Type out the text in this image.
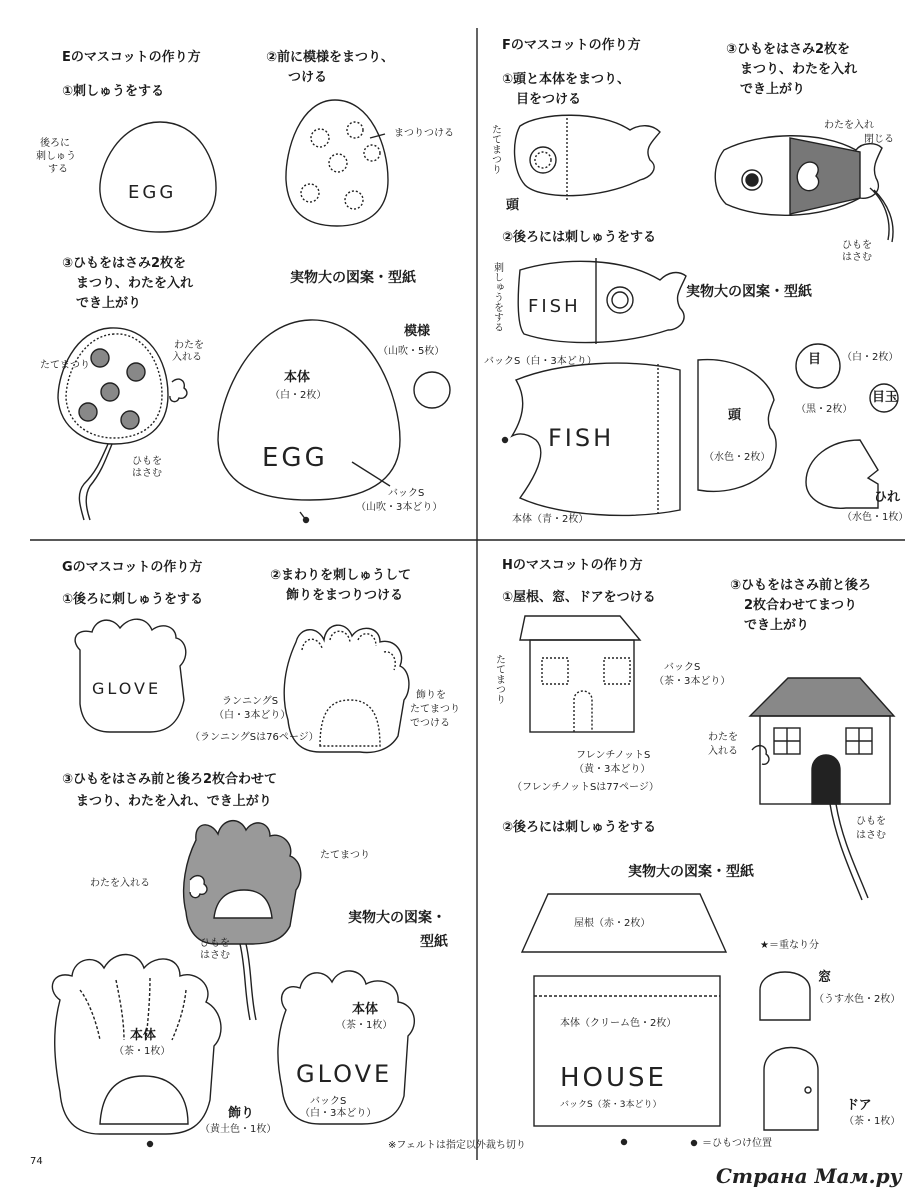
EGG
EGG
FISH
FISH
GLOVE
GLOVE	HOUSE
Eのマスコットの作り方
①刺しゅうをする
②前に模様をまつり、
つける
後ろに
刺しゅう
する
まつりつける
③ひもをはさみ2枚を
まつり、わたを入れ
でき上がり
たてまつり
わたを
入れる
ひもを
はさむ
実物大の図案・型紙
本体
（白・2枚）
模様
（山吹・5枚）
バックS
（山吹・3本どり）
Fのマスコットの作り方
①頭と本体をまつり、
目をつける
たてまつり
頭
③ひもをはさみ2枚を
まつり、わたを入れ
でき上がり
わたを入れ
閉じる
ひもを
はさむ
②後ろには刺しゅうをする
刺しゅうをする	実物大の図案・型紙
バックS（白・3本どり）	目 （白・2枚）
目玉
（黒・2枚）
頭
（水色・2枚）
本体（青・2枚）
ひれ
（水色・1枚）
Gのマスコットの作り方
①後ろに刺しゅうをする
②まわりを刺しゅうして
飾りをまつりつける
ランニングS
（白・3本どり）
（ランニングSは76ページ）
飾りを
たてまつり
でつける
③ひもをはさみ前と後ろ2枚合わせて
まつり、わたを入れ、でき上がり
たてまつり
わたを入れる
ひもを
はさむ
実物大の図案・
型紙
本体
（茶・1枚）
飾り
（黄土色・1枚）
本体
（茶・1枚）
バックS
（白・3本どり）
Hのマスコットの作り方
①屋根、窓、ドアをつける
たてまつり	バックS
（茶・3本どり）
フレンチノットS
（黄・3本どり）
（フレンチノットSは77ページ）
③ひもをはさみ前と後ろ
2枚合わせてまつり
でき上がり
わたを
入れる
ひもを
はさむ
②後ろには刺しゅうをする
実物大の図案・型紙
屋根（赤・2枚）
★＝重なり分
本体（クリーム色・2枚）
バックS（茶・3本どり）
窓
（うす水色・2枚）
ドア
（茶・1枚）
※フェルトは指定以外裁ち切り	＝ひもつけ位置
74
Страна Мам.ру
